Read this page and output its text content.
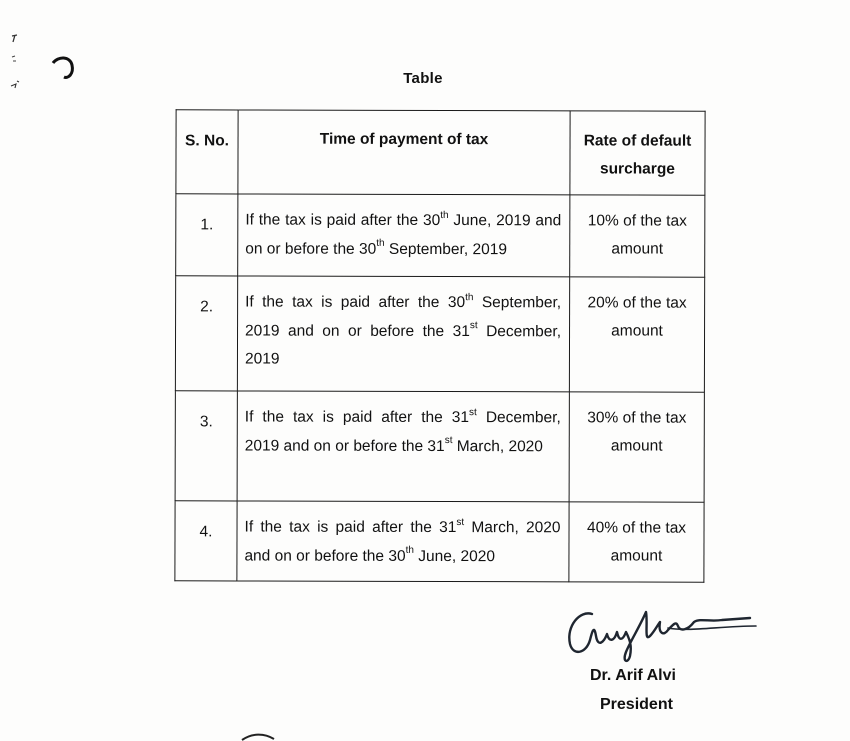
Table
S. No.	Time of payment of tax	Rate of default
surcharge
1.	If the tax is paid after the 30th June, 2019 and on or before the 30th September, 2019	10% of the tax
amount
2.	If the tax is paid after the 30th September, 2019 and on or before the 31st December, 2019	20% of the tax
amount
3.	If the tax is paid after the 31st December, 2019 and on or before the 31st March, 2020	30% of the tax
amount
4.	If the tax is paid after the 31st March, 2020 and on or before the 30th June, 2020	40% of the tax
amount
Dr. Arif Alvi
President
